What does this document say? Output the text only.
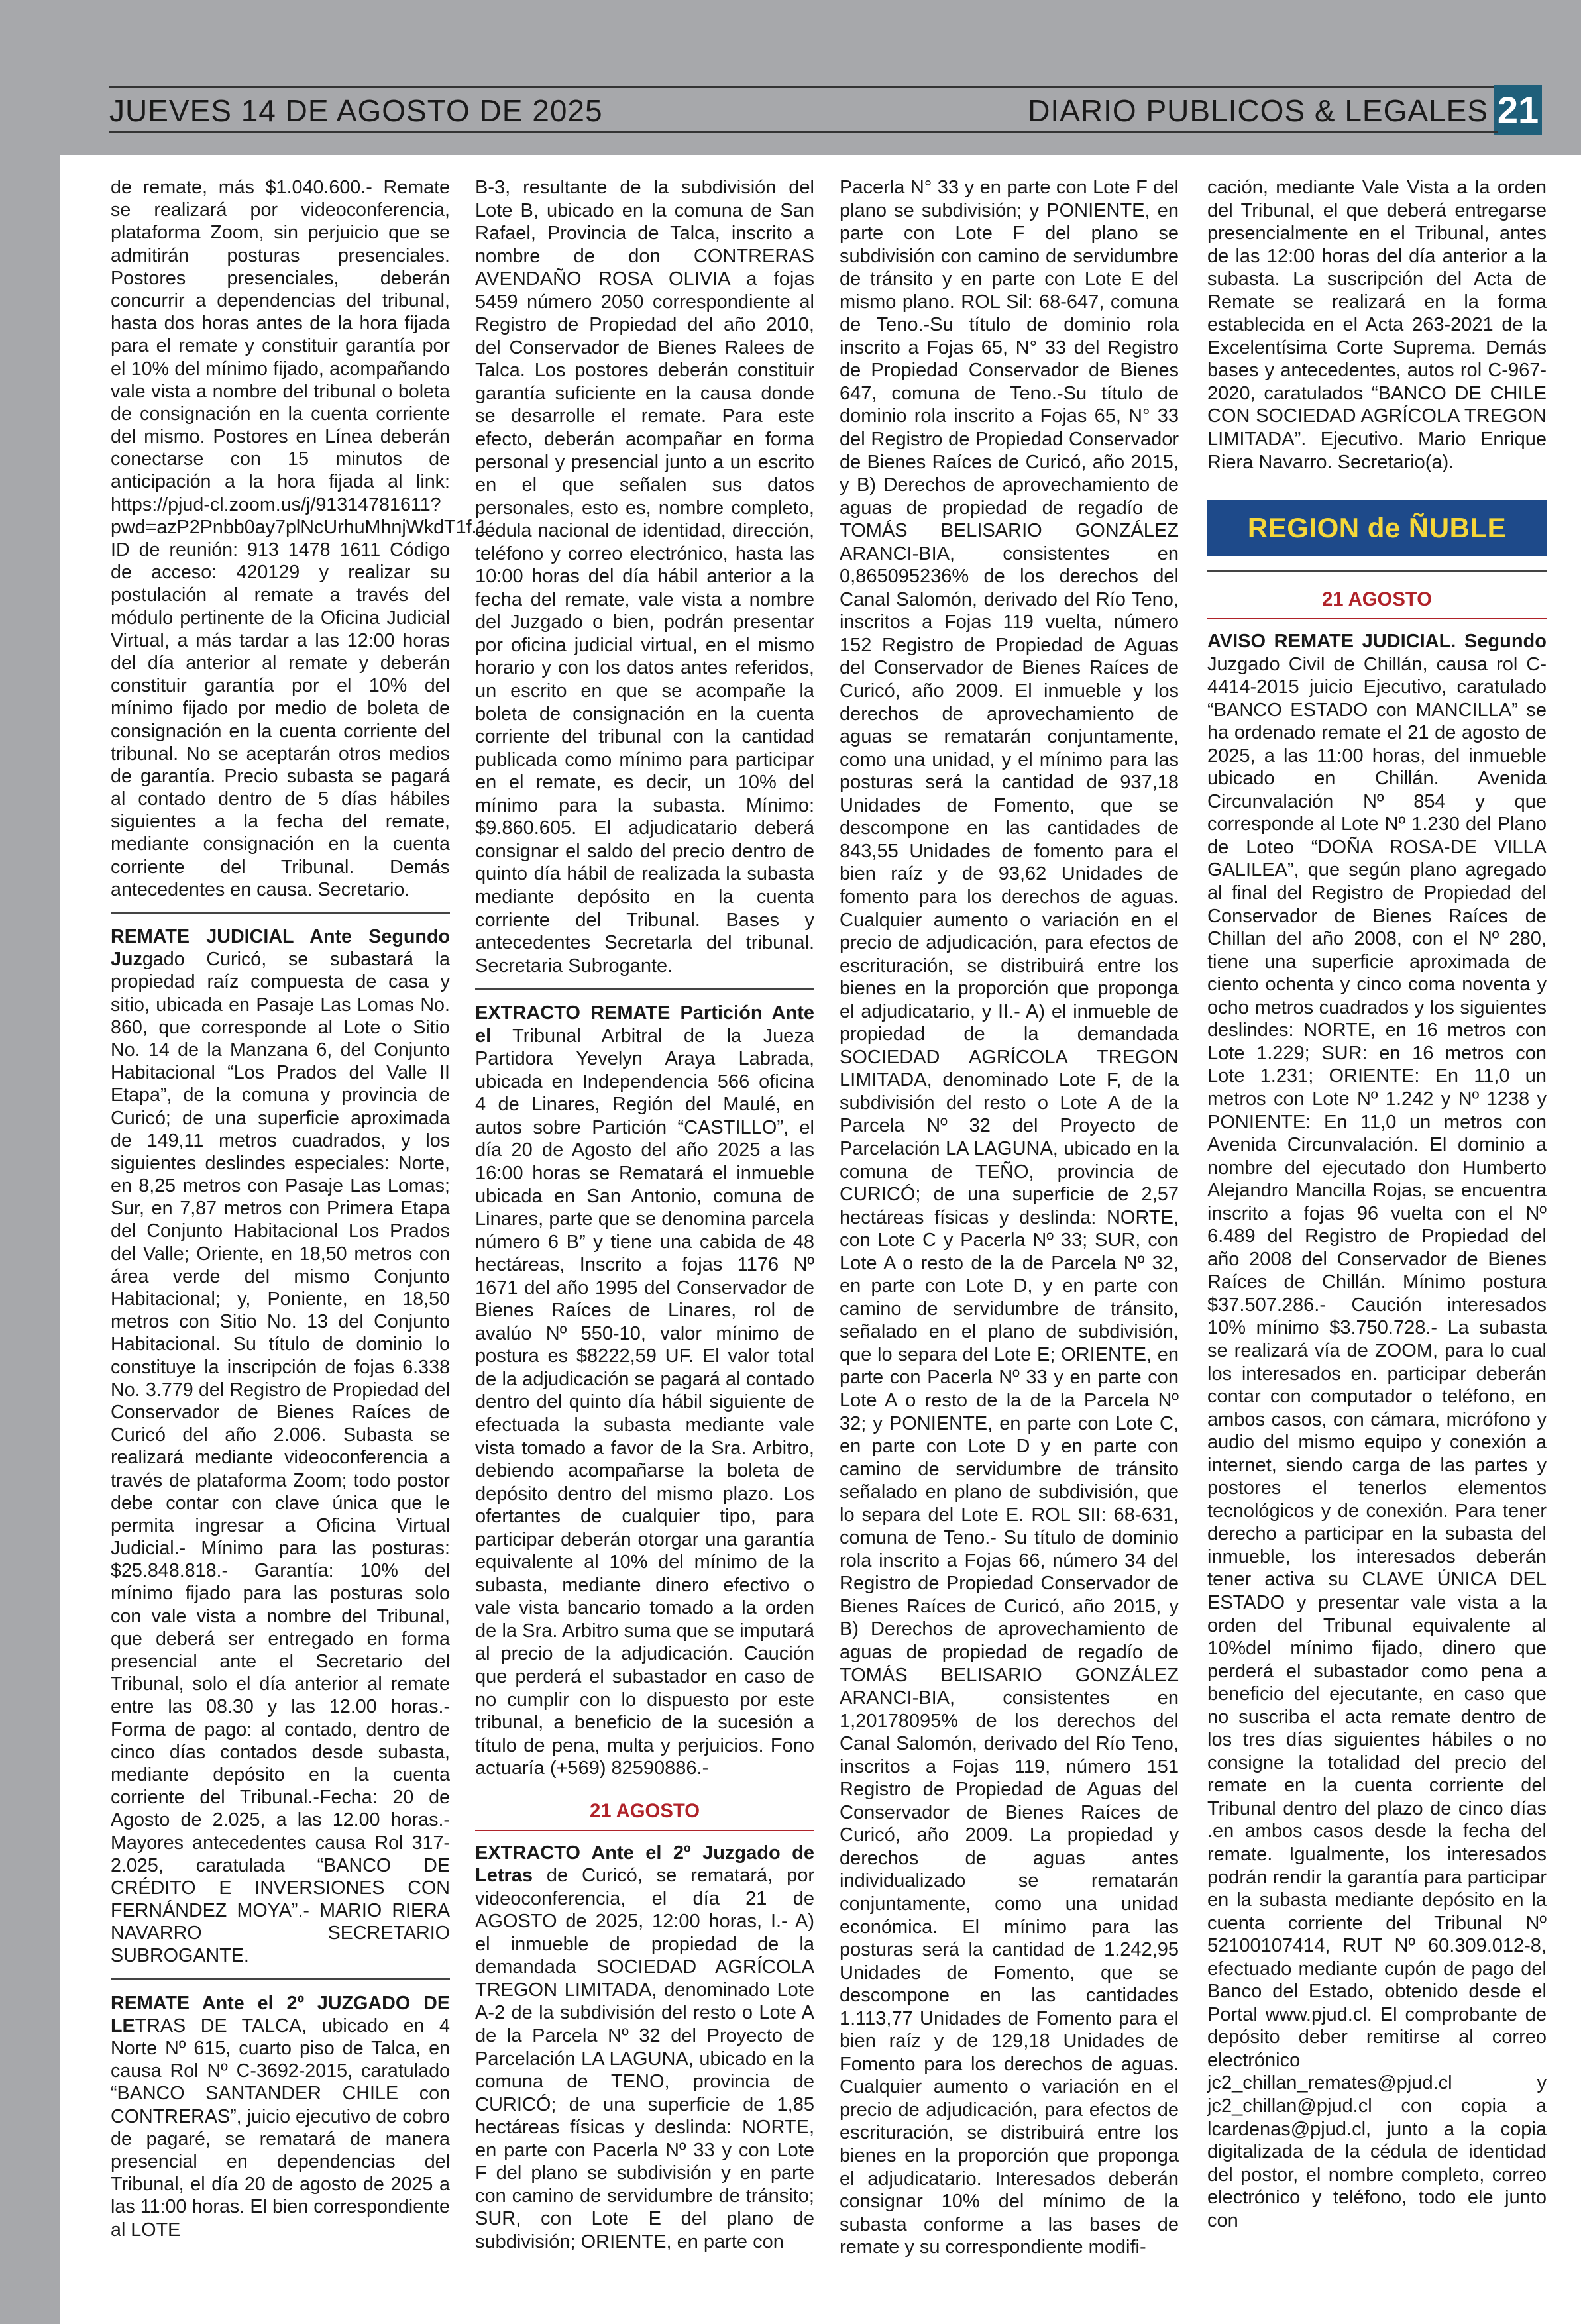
JUEVES 14 DE AGOSTO DE 2025	DIARIO PUBLICOS & LEGALES 21

de remate, más $1.040.600.- Remate se realizará por videoconferencia, plataforma Zoom, sin perjuicio que se admitirán posturas presenciales. Postores presenciales, deberán concurrir a dependencias del tribunal, hasta dos horas antes de la hora fijada para el remate y constituir garantía por el 10% del mínimo fijado, acompañando vale vista a nombre del tribunal o boleta de consignación en la cuenta corriente del mismo. Postores en Línea deberán conectarse con 15 minutos de anticipación a la hora fijada al link: https://pjud-cl.zoom.us/j/91314781611?pwd=azP2Pnbb0ay7plNcUrhuMhnjWkdT1f.1 ID de reunión: 913 1478 1611 Código de acceso: 420129 y realizar su postulación al remate a través del módulo pertinente de la Oficina Judicial Virtual, a más tardar a las 12:00 horas del día anterior al remate y deberán constituir garantía por el 10% del mínimo fijado por medio de boleta de consignación en la cuenta corriente del tribunal. No se aceptarán otros medios de garantía. Precio subasta se pagará al contado dentro de 5 días hábiles siguientes a la fecha del remate, mediante consignación en la cuenta corriente del Tribunal. Demás antecedentes en causa. Secretario.

REMATE JUDICIAL Ante Segundo Juzgado Curicó, se subastará la propiedad raíz compuesta de casa y sitio, ubicada en Pasaje Las Lomas No. 860, que corresponde al Lote o Sitio No. 14 de la Manzana 6, del Conjunto Habitacional “Los Prados del Valle II Etapa”, de la comuna y provincia de Curicó; de una superficie aproximada de 149,11 metros cuadrados, y los siguientes deslindes especiales: Norte, en 8,25 metros con Pasaje Las Lomas; Sur, en 7,87 metros con Primera Etapa del Conjunto Habitacional Los Prados del Valle; Oriente, en 18,50 metros con área verde del mismo Conjunto Habitacional; y, Poniente, en 18,50 metros con Sitio No. 13 del Conjunto Habitacional. Su título de dominio lo constituye la inscripción de fojas 6.338 No. 3.779 del Registro de Propiedad del Conservador de Bienes Raíces de Curicó del año 2.006. Subasta se realizará mediante videoconferencia a través de plataforma Zoom; todo postor debe contar con clave única que le permita ingresar a Oficina Virtual Judicial.- Mínimo para las posturas: $25.848.818.- Garantía: 10% del mínimo fijado para las posturas solo con vale vista a nombre del Tribunal, que deberá ser entregado en forma presencial ante el Secretario del Tribunal, solo el día anterior al remate entre las 08.30 y las 12.00 horas.- Forma de pago: al contado, dentro de cinco días contados desde subasta, mediante depósito en la cuenta corriente del Tribunal.-Fecha: 20 de Agosto de 2.025, a las 12.00 horas.- Mayores antecedentes causa Rol 317-2.025, caratulada “BANCO DE CRÉDITO E INVERSIONES CON FERNÁNDEZ MOYA”.- MARIO RIERA NAVARRO SECRETARIO SUBROGANTE.

REMATE Ante el 2º JUZGADO DE LETRAS DE TALCA, ubicado en 4 Norte Nº 615, cuarto piso de Talca, en causa Rol Nº C-3692-2015, caratulado “BANCO SANTANDER CHILE con CONTRERAS”, juicio ejecutivo de cobro de pagaré, se rematará de manera presencial en dependencias del Tribunal, el día 20 de agosto de 2025 a las 11:00 horas. El bien correspondiente al LOTE

B-3, resultante de la subdivisión del Lote B, ubicado en la comuna de San Rafael, Provincia de Talca, inscrito a nombre de don CONTRERAS AVENDAÑO ROSA OLIVIA a fojas 5459 número 2050 correspondiente al Registro de Propiedad del año 2010, del Conservador de Bienes Ralees de Talca. Los postores deberán constituir garantía suficiente en la causa donde se desarrolle el remate. Para este efecto, deberán acompañar en forma personal y presencial junto a un escrito en el que señalen sus datos personales, esto es, nombre completo, cédula nacional de identidad, dirección, teléfono y correo electrónico, hasta las 10:00 horas del día hábil anterior a la fecha del remate, vale vista a nombre del Juzgado o bien, podrán presentar por oficina judicial virtual, en el mismo horario y con los datos antes referidos, un escrito en que se acompañe la boleta de consignación en la cuenta corriente del tribunal con la cantidad publicada como mínimo para participar en el remate, es decir, un 10% del mínimo para la subasta. Mínimo: $9.860.605. El adjudicatario deberá consignar el saldo del precio dentro de quinto día hábil de realizada la subasta mediante depósito en la cuenta corriente del Tribunal. Bases y antecedentes Secretarla del tribunal. Secretaria Subrogante.

EXTRACTO REMATE Partición Ante el Tribunal Arbitral de la Jueza Partidora Yevelyn Araya Labrada, ubicada en Independencia 566 oficina 4 de Linares, Región del Maulé, en autos sobre Partición “CASTILLO”, el día 20 de Agosto del año 2025 a las 16:00 horas se Rematará el inmueble ubicada en San Antonio, comuna de Linares, parte que se denomina parcela número 6 B” y tiene una cabida de 48 hectáreas, Inscrito a fojas 1176 Nº 1671 del año 1995 del Conservador de Bienes Raíces de Linares, rol de avalúo Nº 550-10, valor mínimo de postura es $8222,59 UF. El valor total de la adjudicación se pagará al contado dentro del quinto día hábil siguiente de efectuada la subasta mediante vale vista tomado a favor de la Sra. Arbitro, debiendo acompañarse la boleta de depósito dentro del mismo plazo. Los ofertantes de cualquier tipo, para participar deberán otorgar una garantía equivalente al 10% del mínimo de la subasta, mediante dinero efectivo o vale vista bancario tomado a la orden de la Sra. Arbitro suma que se imputará al precio de la adjudicación. Caución que perderá el subastador en caso de no cumplir con lo dispuesto por este tribunal, a beneficio de la sucesión a título de pena, multa y perjuicios. Fono actuaría (+569) 82590886.-

21 AGOSTO

EXTRACTO Ante el 2º Juzgado de Letras de Curicó, se rematará, por videoconferencia, el día 21 de AGOSTO de 2025, 12:00 horas, I.- A) el inmueble de propiedad de la demandada SOCIEDAD AGRÍCOLA TREGON LIMITADA, denominado Lote A-2 de la subdivisión del resto o Lote A de la Parcela Nº 32 del Proyecto de Parcelación LA LAGUNA, ubicado en la comuna de TENO, provincia de CURICÓ; de una superficie de 1,85 hectáreas físicas y deslinda: NORTE, en parte con Pacerla Nº 33 y con Lote F del plano se subdivisión y en parte con camino de servidumbre de tránsito; SUR, con Lote E del plano de subdivisión; ORIENTE, en parte con

Pacerla N° 33 y en parte con Lote F del plano se subdivisión; y PONIENTE, en parte con Lote F del plano se subdivisión con camino de servidumbre de tránsito y en parte con Lote E del mismo plano. ROL Sil: 68-647, comuna de Teno.-Su título de dominio rola inscrito a Fojas 65, N° 33 del Registro de Propiedad Conservador de Bienes 647, comuna de Teno.-Su título de dominio rola inscrito a Fojas 65, N° 33 del Registro de Propiedad Conservador de Bienes Raíces de Curicó, año 2015, y B) Derechos de aprovechamiento de aguas de propiedad de regadío de TOMÁS BELISARIO GONZÁLEZ ARANCI-BIA, consistentes en 0,865095236% de los derechos del Canal Salomón, derivado del Río Teno, inscritos a Fojas 119 vuelta, número 152 Registro de Propiedad de Aguas del Conservador de Bienes Raíces de Curicó, año 2009. El inmueble y los derechos de aprovechamiento de aguas se rematarán conjuntamente, como una unidad, y el mínimo para las posturas será la cantidad de 937,18 Unidades de Fomento, que se descompone en las cantidades de 843,55 Unidades de fomento para el bien raíz y de 93,62 Unidades de fomento para los derechos de aguas. Cualquier aumento o variación en el precio de adjudicación, para efectos de escrituración, se distribuirá entre los bienes en la proporción que proponga el adjudicatario, y II.- A) el inmueble de propiedad de la demandada SOCIEDAD AGRÍCOLA TREGON LIMITADA, denominado Lote F, de la subdivisión del resto o Lote A de la Parcela Nº 32 del Proyecto de Parcelación LA LAGUNA, ubicado en la comuna de TEÑO, provincia de CURICÓ; de una superficie de 2,57 hectáreas físicas y deslinda: NORTE, con Lote C y Pacerla Nº 33; SUR, con Lote A o resto de la de Parcela Nº 32, en parte con Lote D, y en parte con camino de servidumbre de tránsito, señalado en el plano de subdivisión, que lo separa del Lote E; ORIENTE, en parte con Pacerla Nº 33 y en parte con Lote A o resto de la de la Parcela Nº 32; y PONIENTE, en parte con Lote C, en parte con Lote D y en parte con camino de servidumbre de tránsito señalado en plano de subdivisión, que lo separa del Lote E. ROL SII: 68-631, comuna de Teno.- Su título de dominio rola inscrito a Fojas 66, número 34 del Registro de Propiedad Conservador de Bienes Raíces de Curicó, año 2015, y B) Derechos de aprovechamiento de aguas de propiedad de regadío de TOMÁS BELISARIO GONZÁLEZ ARANCI-BIA, consistentes en 1,20178095% de los derechos del Canal Salomón, derivado del Río Teno, inscritos a Fojas 119, número 151 Registro de Propiedad de Aguas del Conservador de Bienes Raíces de Curicó, año 2009. La propiedad y derechos de aguas antes individualizado se rematarán conjuntamente, como una unidad económica. El mínimo para las posturas será la cantidad de 1.242,95 Unidades de Fomento, que se descompone en las cantidades 1.113,77 Unidades de Fomento para el bien raíz y de 129,18 Unidades de Fomento para los derechos de aguas. Cualquier aumento o variación en el precio de adjudicación, para efectos de escrituración, se distribuirá entre los bienes en la proporción que proponga el adjudicatario. Interesados deberán consignar 10% del mínimo de la subasta conforme a las bases de remate y su correspondiente modifi-

cación, mediante Vale Vista a la orden del Tribunal, el que deberá entregarse presencialmente en el Tribunal, antes de las 12:00 horas del día anterior a la subasta. La suscripción del Acta de Remate se realizará en la forma establecida en el Acta 263-2021 de la Excelentísima Corte Suprema. Demás bases y antecedentes, autos rol C-967-2020, caratulados “BANCO DE CHILE CON SOCIEDAD AGRÍCOLA TREGON LIMITADA”. Ejecutivo. Mario Enrique Riera Navarro. Secretario(a).

REGION de ÑUBLE
21 AGOSTO

AVISO REMATE JUDICIAL. Segundo Juzgado Civil de Chillán, causa rol C-4414-2015 juicio Ejecutivo, caratulado “BANCO ESTADO con MANCILLA” se ha ordenado remate el 21 de agosto de 2025, a las 11:00 horas, del inmueble ubicado en Chillán. Avenida Circunvalación Nº 854 y que corresponde al Lote Nº 1.230 del Plano de Loteo “DOÑA ROSA-DE VILLA GALILEA”, que según plano agregado al final del Registro de Propiedad del Conservador de Bienes Raíces de Chillan del año 2008, con el Nº 280, tiene una superficie aproximada de ciento ochenta y cinco coma noventa y ocho metros cuadrados y los siguientes deslindes: NORTE, en 16 metros con Lote 1.229; SUR: en 16 metros con Lote 1.231; ORIENTE: En 11,0 un metros con Lote Nº 1.242 y Nº 1238 y PONIENTE: En 11,0 un metros con Avenida Circunvalación. El dominio a nombre del ejecutado don Humberto Alejandro Mancilla Rojas, se encuentra inscrito a fojas 96 vuelta con el Nº 6.489 del Registro de Propiedad del año 2008 del Conservador de Bienes Raíces de Chillán. Mínimo postura $37.507.286.- Caución interesados 10% mínimo $3.750.728.- La subasta se realizará vía de ZOOM, para lo cual los interesados en. participar deberán contar con computador o teléfono, en ambos casos, con cámara, micrófono y audio del mismo equipo y conexión a internet, siendo carga de las partes y postores el tenerlos elementos tecnológicos y de conexión. Para tener derecho a participar en la subasta del inmueble, los interesados deberán tener activa su CLAVE ÚNICA DEL ESTADO y presentar vale vista a la orden del Tribunal equivalente al 10%del mínimo fijado, dinero que perderá el subastador como pena a beneficio del ejecutante, en caso que no suscriba el acta remate dentro de los tres días siguientes hábiles o no consigne la totalidad del precio del remate en la cuenta corriente del Tribunal dentro del plazo de cinco días .en ambos casos desde la fecha del remate. Igualmente, los interesados podrán rendir la garantía para participar en la subasta mediante depósito en la cuenta corriente del Tribunal Nº 52100107414, RUT Nº 60.309.012-8, efectuado mediante cupón de pago del Banco del Estado, obtenido desde el Portal www.pjud.cl. El comprobante de depósito deber remitirse al correo electrónico jc2_chillan_remates@pjud.cl y jc2_chillan@pjud.cl con copia a lcardenas@pjud.cl, junto a la copia digitalizada de la cédula de identidad del postor, el nombre completo, correo electrónico y teléfono, todo ele junto con
